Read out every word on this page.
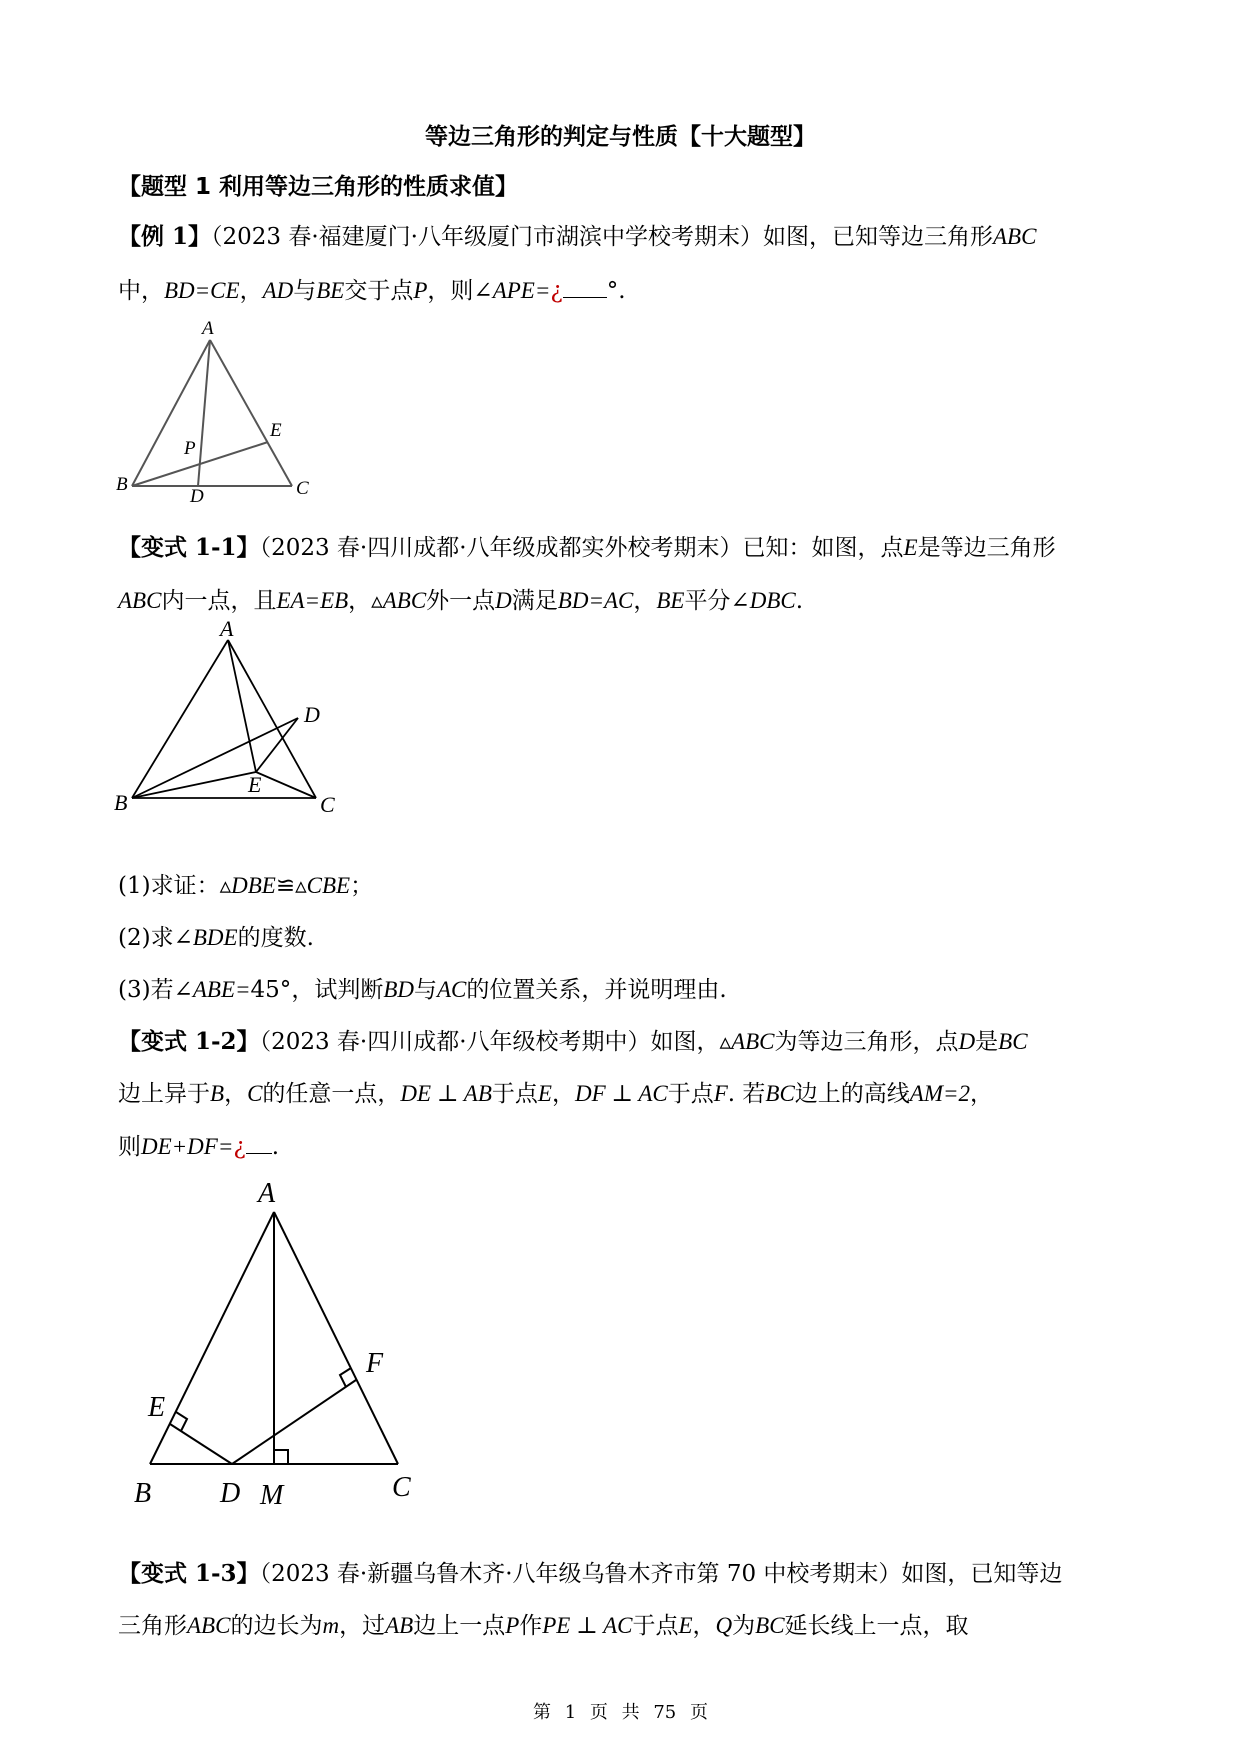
等边三角形的判定与性质【十大题型】
【题型 1 利用等边三角形的性质求值】
【例 1】（2023 春·福建厦门·八年级厦门市湖滨中学校考期末）如图，已知等边三角形ABC
中，BD=CE，AD与BE交于点P，则∠APE=¿ °.
A
B	C
D
E
P
【变式 1-1】（2023 春·四川成都·八年级成都实外校考期末）已知：如图，点E是等边三角形
ABC内一点，且EA=EB，▵ABC外一点D满足BD=AC，BE平分∠DBC.
A
B	C
D
E
(1)求证：▵DBE≌▵CBE；
(2)求∠BDE的度数.
(3)若∠ABE=45°，试判断BD与AC的位置关系，并说明理由.
【变式 1-2】（2023 春·四川成都·八年级校考期中）如图，▵ABC为等边三角形，点D是BC
边上异于B，C的任意一点，DE ⊥ AB于点E，DF ⊥ AC于点F. 若BC边上的高线AM=2，
则DE+DF=¿ .
A
B	C
D
E
F
M
【变式 1-3】（2023 春·新疆乌鲁木齐·八年级乌鲁木齐市第 70 中校考期末）如图，已知等边
三角形ABC的边长为m，过AB边上一点P作PE ⊥ AC于点E，Q为BC延长线上一点，取
第 1 页 共 75 页
